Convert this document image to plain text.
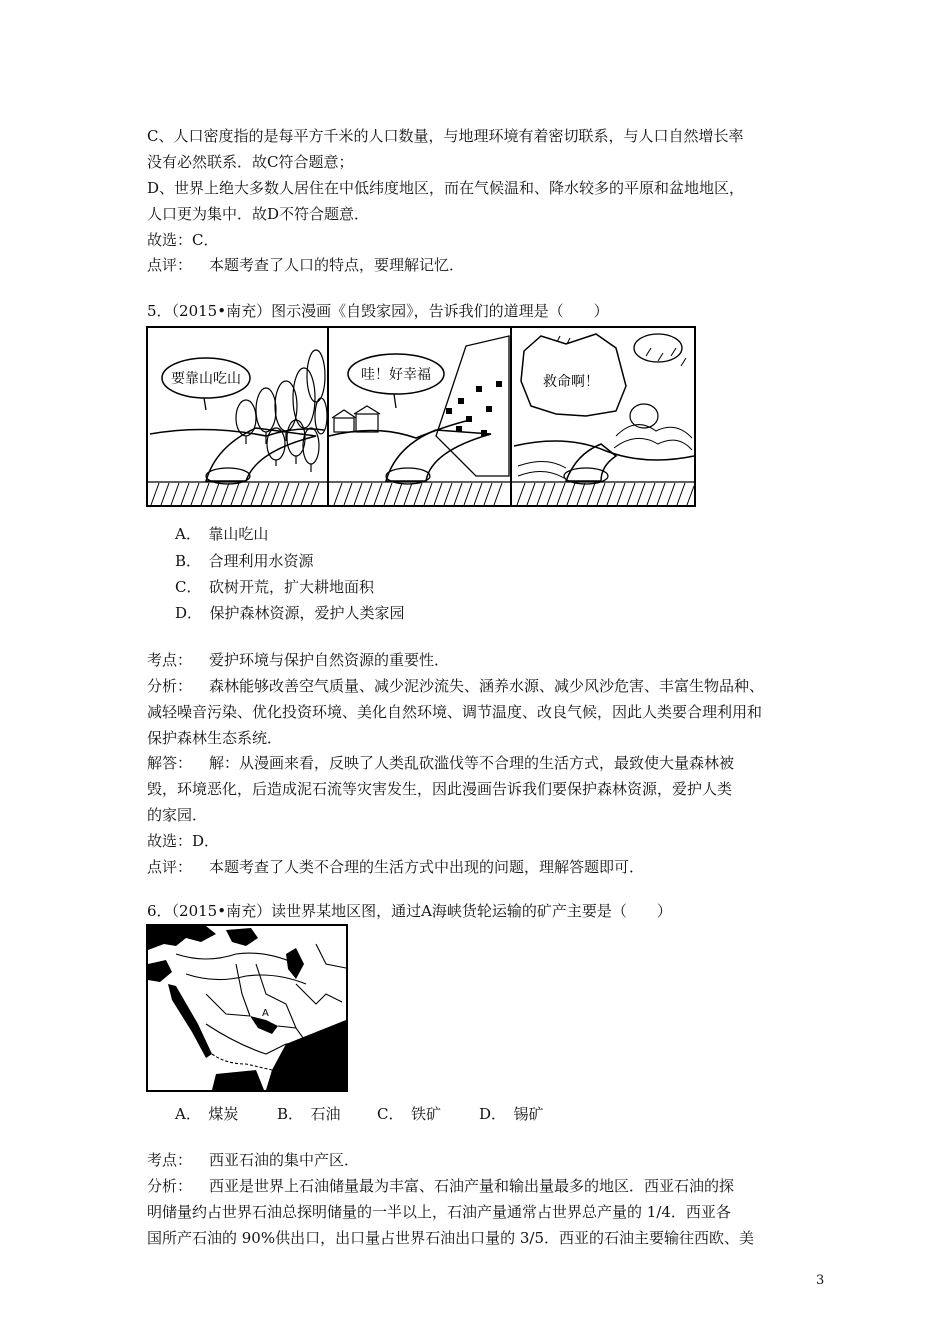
C、人口密度指的是每平方千米的人口数量，与地理环境有着密切联系，与人口自然增长率
没有必然联系．故C符合题意；
D、世界上绝大多数人居住在中低纬度地区，而在气候温和、降水较多的平原和盆地地区，
人口更为集中．故D不符合题意．
故选：C．
点评： 本题考查了人口的特点，要理解记忆．
5．（2015•南充）图示漫画《自毁家园》，告诉我们的道理是（　　）
要靠山吃山	哇！好幸福	救命啊！
A．　靠山吃山
B．　合理利用水资源
C．　砍树开荒，扩大耕地面积
D．　保护森林资源，爱护人类家园
考点： 爱护环境与保护自然资源的重要性．
分析： 森林能够改善空气质量、减少泥沙流失、涵养水源、减少风沙危害、丰富生物品种、
减轻噪音污染、优化投资环境、美化自然环境、调节温度、改良气候，因此人类要合理利用和
保护森林生态系统．
解答： 解：从漫画来看，反映了人类乱砍滥伐等不合理的生活方式，最致使大量森林被
毁，环境恶化，后造成泥石流等灾害发生，因此漫画告诉我们要保护森林资源，爱护人类
的家园．
故选：D．
点评： 本题考查了人类不合理的生活方式中出现的问题，理解答题即可．
6．（2015•南充）读世界某地区图，通过A海峡货轮运输的矿产主要是（　　）
A
A．　煤炭	B．　石油 C．　铁矿	D．　锡矿
考点： 西亚石油的集中产区．
分析： 西亚是世界上石油储量最为丰富、石油产量和输出量最多的地区．西亚石油的探
明储量约占世界石油总探明储量的一半以上，石油产量通常占世界总产量的 1/4．西亚各
国所产石油的 90%供出口，出口量占世界石油出口量的 3/5．西亚的石油主要输往西欧、美
3
